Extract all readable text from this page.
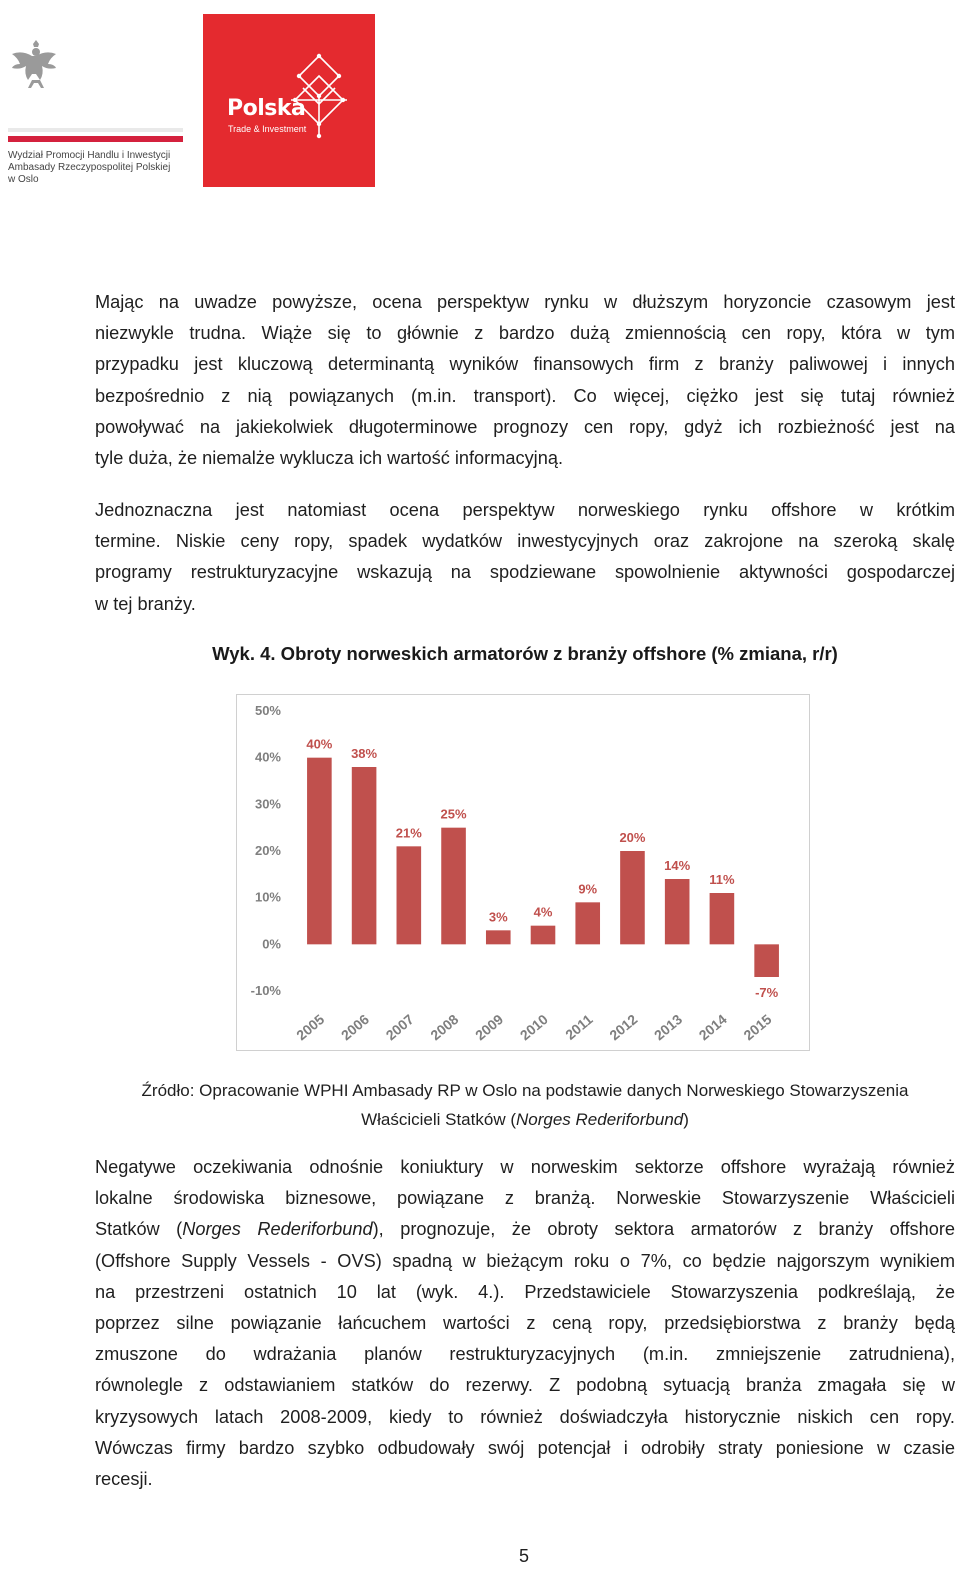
Wydział Promocji Handlu i Inwestycji
Ambasady Rzeczypospolitej Polskiej
w Oslo
Polska
Trade & Investment
Mając na uwadze powyższe, ocena perspektyw rynku w dłuższym horyzoncie czasowym jest
niezwykle trudna. Wiąże się to głównie z bardzo dużą zmiennością cen ropy, która w tym
przypadku jest kluczową determinantą wyników finansowych firm z branży paliwowej i innych
bezpośrednio z nią powiązanych (m.in. transport). Co więcej, ciężko jest się tutaj również
powoływać na jakiekolwiek długoterminowe prognozy cen ropy, gdyż ich rozbieżność jest na
tyle duża, że niemalże wyklucza ich wartość informacyjną.
Jednoznaczna jest natomiast ocena perspektyw norweskiego rynku offshore w krótkim
termine. Niskie ceny ropy, spadek wydatków inwestycyjnych oraz zakrojone na szeroką skalę
programy restrukturyzacyjne wskazują na spodziewane spowolnienie aktywności gospodarczej
w tej branży.
Wyk. 4. Obroty norweskich armatorów z branży offshore (% zmiana, r/r)
-10%
0%
10%
20%
30%
40%
50%
40%
2005
38%
2006
21%
2007
25%
2008
3%
2009
4%
2010
9%
2011
20%
2012
14%
2013
11%
2014
-7%
2015
Źródło: Opracowanie WPHI Ambasady RP w Oslo na podstawie danych Norweskiego Stowarzyszenia
Właścicieli Statków (Norges Rederiforbund)
Negatywe oczekiwania odnośnie koniuktury w norweskim sektorze offshore wyrażają również
lokalne środowiska biznesowe, powiązane z branżą. Norweskie Stowarzyszenie Właścicieli
Statków (Norges Rederiforbund), prognozuje, że obroty sektora armatorów z branży offshore
(Offshore Supply Vessels - OVS) spadną w bieżącym roku o 7%, co będzie najgorszym wynikiem
na przestrzeni ostatnich 10 lat (wyk. 4.). Przedstawiciele Stowarzyszenia podkreślają, że
poprzez silne powiązanie łańcuchem wartości z ceną ropy, przedsiębiorstwa z branży będą
zmuszone do wdrażania planów restrukturyzacyjnych (m.in. zmniejszenie zatrudniena),
równolegle z odstawianiem statków do rezerwy. Z podobną sytuacją branża zmagała się w
kryzysowych latach 2008-2009, kiedy to również doświadczyła historycznie niskich cen ropy.
Wówczas firmy bardzo szybko odbudowały swój potencjał i odrobiły straty poniesione w czasie
recesji.
5
